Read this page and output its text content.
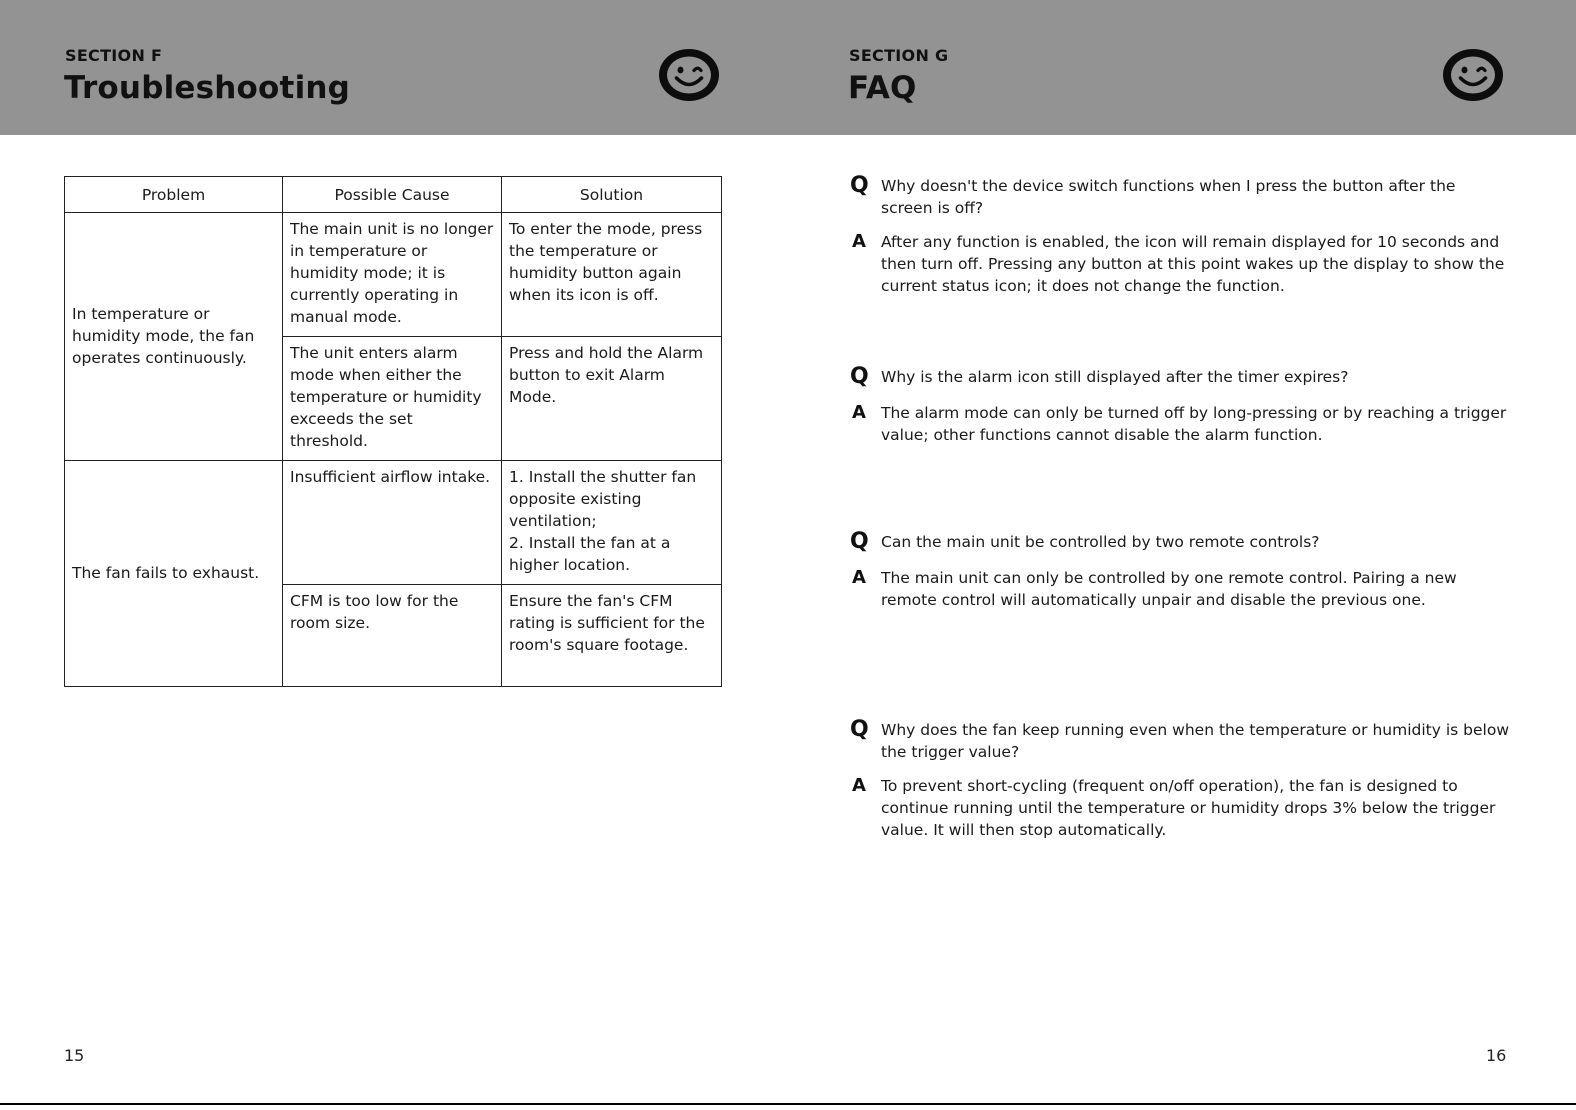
SECTION F
Troubleshooting
SECTION G
FAQ
Problem	Possible Cause	Solution
In temperature or humidity mode, the fan operates continuously.	The main unit is no longer in temperature or humidity mode; it is currently operating in manual mode.	To enter the mode, press the temperature or humidity button again when its icon is off.
	The unit enters alarm mode when either the temperature or humidity exceeds the set threshold.	Press and hold the Alarm button to exit Alarm Mode.
The fan fails to exhaust.	Insufficient airflow intake.	1. Install the shutter fan opposite existing ventilation;
2. Install the fan at a higher location.

	CFM is too low for the room size.	Ensure the fan's CFM rating is sufficient for the room's square footage.
Q Why doesn't the device switch functions when I press the button after the screen is off?
A After any function is enabled, the icon will remain displayed for 10 seconds and then turn off. Pressing any button at this point wakes up the display to show the current status icon; it does not change the function.
Q Why is the alarm icon still displayed after the timer expires?
A The alarm mode can only be turned off by long-pressing or by reaching a trigger value; other functions cannot disable the alarm function.
Q Can the main unit be controlled by two remote controls?
A The main unit can only be controlled by one remote control. Pairing a new remote control will automatically unpair and disable the previous one.
Q Why does the fan keep running even when the temperature or humidity is below the trigger value?
A To prevent short-cycling (frequent on/off operation), the fan is designed to continue running until the temperature or humidity drops 3% below the trigger value. It will then stop automatically.
15	16
